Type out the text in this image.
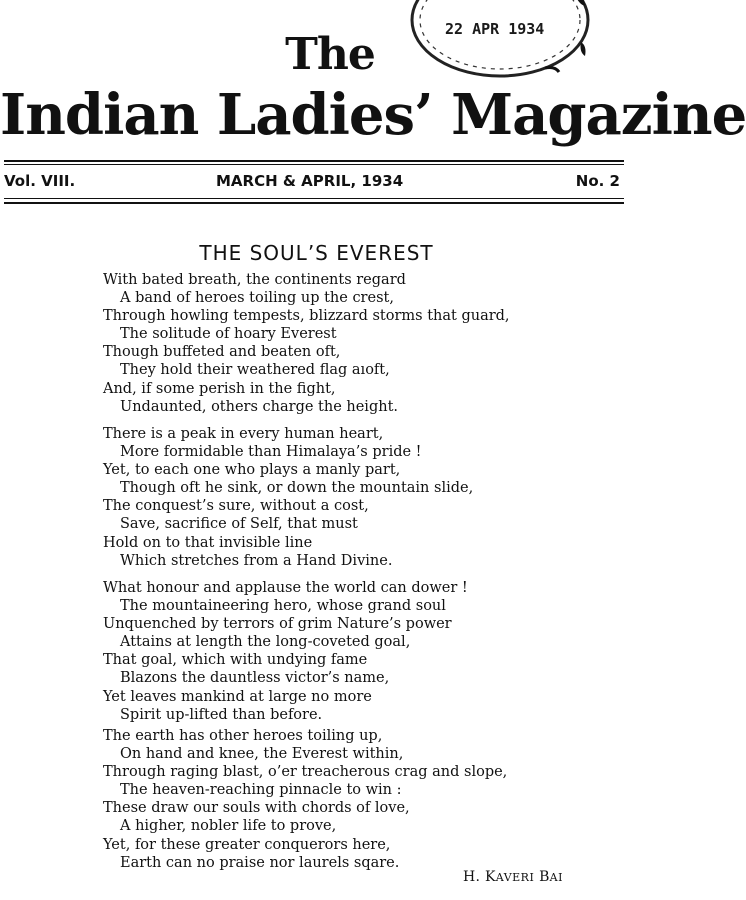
22 APR 1934
The
Indian Ladies’ Magazine
Vol. VIII.	MARCH & APRIL, 1934	No. 2
THE SOUL’S EVEREST
With bated breath, the continents regard
A band of heroes toiling up the crest,
Through howling tempests, blizzard storms that guard,
The solitude of hoary Everest
Though buffeted and beaten oft,
They hold their weathered flag aıoft,
And, if some perish in the fight,
Undaunted, others charge the height.
There is a peak in every human heart,
More formidable than Himalaya’s pride !
Yet, to each one who plays a manly part,
Though oft he sink, or down the mountain slide,
The conquest’s sure, without a cost,
Save, sacrifice of Self, that must
Hold on to that invisible line
Which stretches from a Hand Divine.
What honour and applause the world can dower !
The mountaineering hero, whose grand soul
Unquenched by terrors of grim Nature’s power
Attains at length the long-coveted goal,
That goal, which with undying fame
Blazons the dauntless victor’s name,
Yet leaves mankind at large no more
Spirit up-lifted than before.
The earth has other heroes toiling up,
On hand and knee, the Everest within,
Through raging blast, o’er treacherous crag and slope,
The heaven-reaching pinnacle to win :
These draw our souls with chords of love,
A higher, nobler life to prove,
Yet, for these greater conquerors here,
Earth can no praise nor laurels sqare.
H. KAVERI BAI
